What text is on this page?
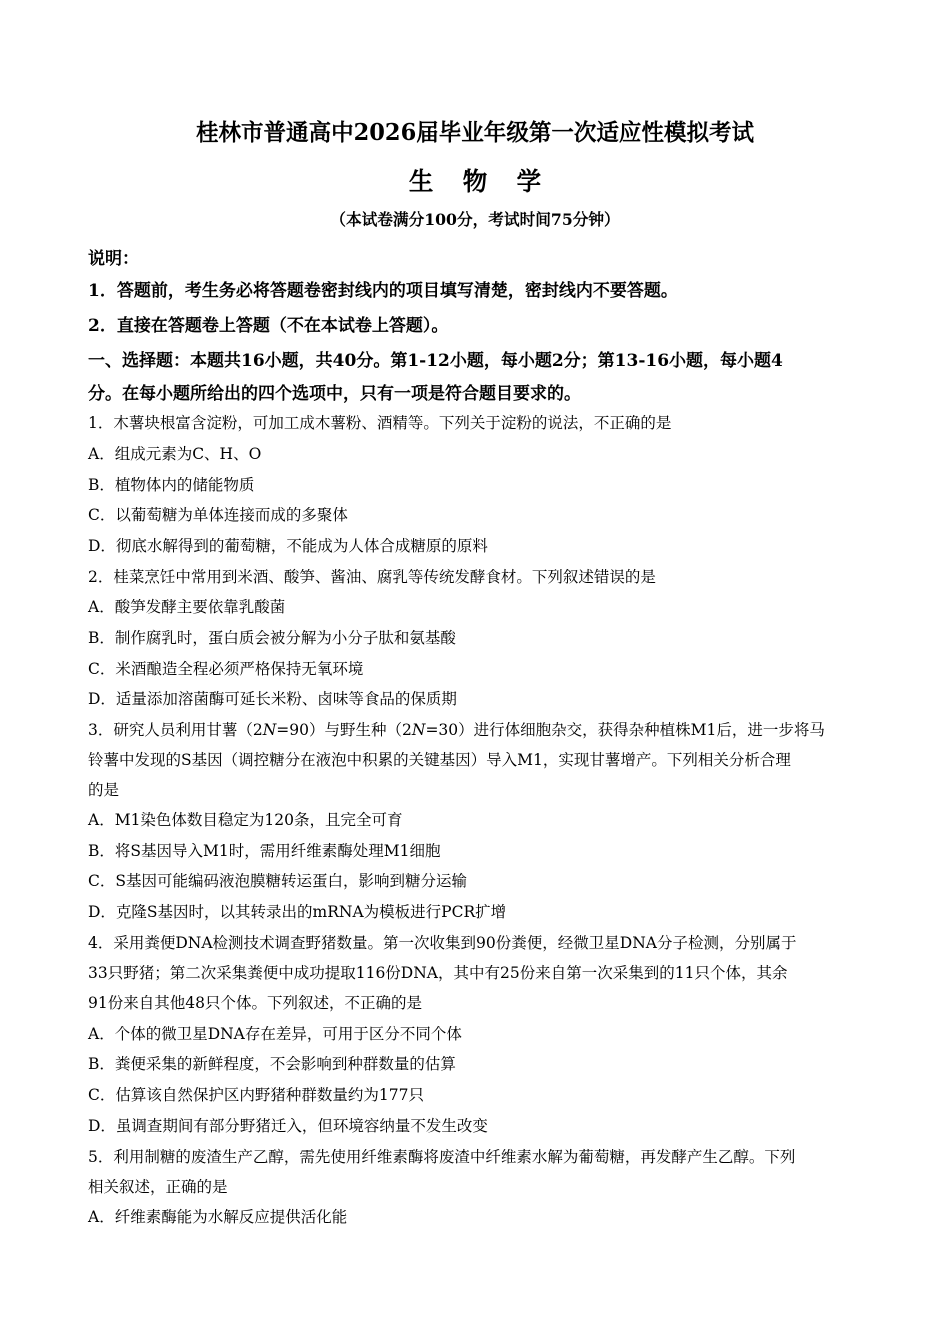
桂林市普通高中2026届毕业年级第一次适应性模拟考试
生物学
（本试卷满分100分，考试时间75分钟）
说明：
1．答题前，考生务必将答题卷密封线内的项目填写清楚，密封线内不要答题。
2．直接在答题卷上答题（不在本试卷上答题）。
一、选择题：本题共16小题，共40分。第1-12小题，每小题2分；第13-16小题，每小题4
分。在每小题所给出的四个选项中，只有一项是符合题目要求的。
1．木薯块根富含淀粉，可加工成木薯粉、酒精等。下列关于淀粉的说法，不正确的是
A．组成元素为C、H、O
B．植物体内的储能物质
C．以葡萄糖为单体连接而成的多聚体
D．彻底水解得到的葡萄糖，不能成为人体合成糖原的原料
2．桂菜烹饪中常用到米酒、酸笋、酱油、腐乳等传统发酵食材。下列叙述错误的是
A．酸笋发酵主要依靠乳酸菌
B．制作腐乳时，蛋白质会被分解为小分子肽和氨基酸
C．米酒酿造全程必须严格保持无氧环境
D．适量添加溶菌酶可延长米粉、卤味等食品的保质期
3．研究人员利用甘薯（2N=90）与野生种（2N=30）进行体细胞杂交，获得杂种植株M1后，进一步将马
铃薯中发现的S基因（调控糖分在液泡中积累的关键基因）导入M1，实现甘薯增产。下列相关分析合理
的是
A．M1染色体数目稳定为120条，且完全可育
B．将S基因导入M1时，需用纤维素酶处理M1细胞
C．S基因可能编码液泡膜糖转运蛋白，影响到糖分运输
D．克隆S基因时，以其转录出的mRNA为模板进行PCR扩增
4．采用粪便DNA检测技术调查野猪数量。第一次收集到90份粪便，经微卫星DNA分子检测，分别属于
33只野猪；第二次采集粪便中成功提取116份DNA，其中有25份来自第一次采集到的11只个体，其余
91份来自其他48只个体。下列叙述，不正确的是
A．个体的微卫星DNA存在差异，可用于区分不同个体
B．粪便采集的新鲜程度，不会影响到种群数量的估算
C．估算该自然保护区内野猪种群数量约为177只
D．虽调查期间有部分野猪迁入，但环境容纳量不发生改变
5．利用制糖的废渣生产乙醇，需先使用纤维素酶将废渣中纤维素水解为葡萄糖，再发酵产生乙醇。下列
相关叙述，正确的是
A．纤维素酶能为水解反应提供活化能
